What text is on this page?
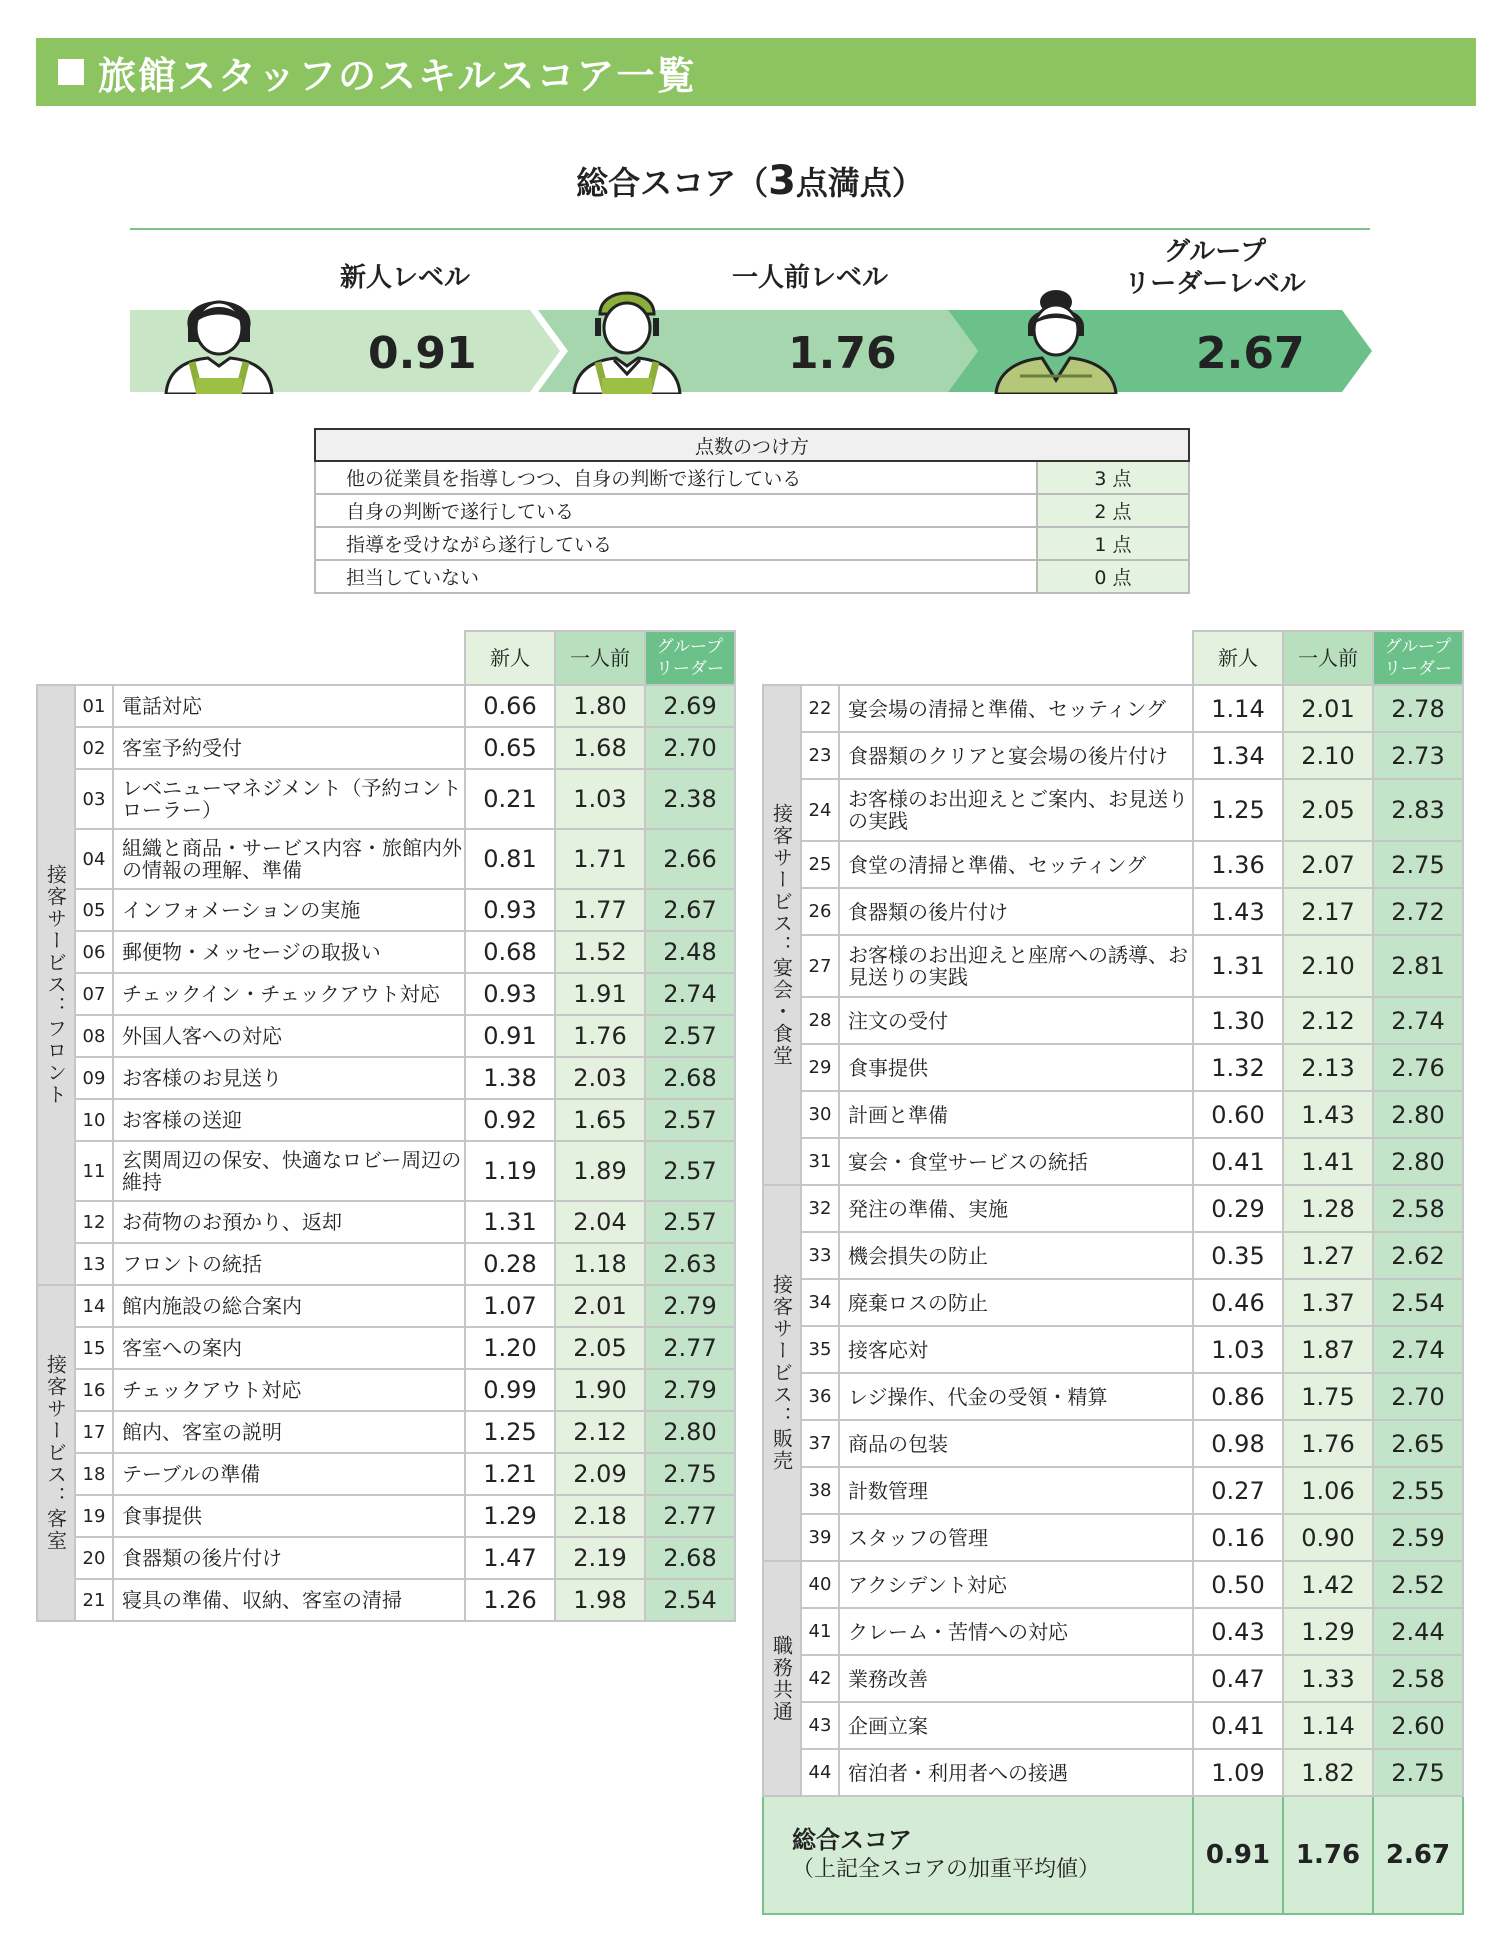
旅館スタッフのスキルスコア一覧
総合スコア（3点満点）
0.91
新人レベル
1.76
一人前レベル
2.67
グループ
リーダーレベル
点数のつけ方	
他の従業員を指導しつつ、自身の判断で遂行している	3 点
自身の判断で遂行している	2 点
指導を受けながら遂行している	1 点
担当していない	0 点
			新人	一人前	グループ
リーダー

接客サービス：フロント	01	電話対応	0.66	1.80	2.69
	02	客室予約受付	0.65	1.68	2.70
	03	レベニューマネジメント（予約コントローラー）	0.21	1.03	2.38
	04	組織と商品・サービス内容・旅館内外の情報の理解、準備	0.81	1.71	2.66
	05	インフォメーションの実施	0.93	1.77	2.67
	06	郵便物・メッセージの取扱い	0.68	1.52	2.48
	07	チェックイン・チェックアウト対応	0.93	1.91	2.74
	08	外国人客への対応	0.91	1.76	2.57
	09	お客様のお見送り	1.38	2.03	2.68
	10	お客様の送迎	0.92	1.65	2.57
	11	玄関周辺の保安、快適なロビー周辺の維持	1.19	1.89	2.57
	12	お荷物のお預かり、返却	1.31	2.04	2.57
	13	フロントの統括	0.28	1.18	2.63
接客サービス：客室	14	館内施設の総合案内	1.07	2.01	2.79
	15	客室への案内	1.20	2.05	2.77
	16	チェックアウト対応	0.99	1.90	2.79
	17	館内、客室の説明	1.25	2.12	2.80
	18	テーブルの準備	1.21	2.09	2.75
	19	食事提供	1.29	2.18	2.77
	20	食器類の後片付け	1.47	2.19	2.68
	21	寝具の準備、収納、客室の清掃	1.26	1.98	2.54
			新人	一人前	グループ
リーダー

接客サービス：宴会・食堂	22	宴会場の清掃と準備、セッティング	1.14	2.01	2.78
	23	食器類のクリアと宴会場の後片付け	1.34	2.10	2.73
	24	お客様のお出迎えとご案内、お見送りの実践	1.25	2.05	2.83
	25	食堂の清掃と準備、セッティング	1.36	2.07	2.75
	26	食器類の後片付け	1.43	2.17	2.72
	27	お客様のお出迎えと座席への誘導、お見送りの実践	1.31	2.10	2.81
	28	注文の受付	1.30	2.12	2.74
	29	食事提供	1.32	2.13	2.76
	30	計画と準備	0.60	1.43	2.80
	31	宴会・食堂サービスの統括	0.41	1.41	2.80
接客サービス：販売	32	発注の準備、実施	0.29	1.28	2.58
	33	機会損失の防止	0.35	1.27	2.62
	34	廃棄ロスの防止	0.46	1.37	2.54
	35	接客応対	1.03	1.87	2.74
	36	レジ操作、代金の受領・精算	0.86	1.75	2.70
	37	商品の包装	0.98	1.76	2.65
	38	計数管理	0.27	1.06	2.55
	39	スタッフの管理	0.16	0.90	2.59
職務共通	40	アクシデント対応	0.50	1.42	2.52
	41	クレーム・苦情への対応	0.43	1.29	2.44
	42	業務改善	0.47	1.33	2.58
	43	企画立案	0.41	1.14	2.60
	44	宿泊者・利用者への接遇	1.09	1.82	2.75
総合スコア
（上記全スコアの加重平均値）			0.91	1.76	2.67
